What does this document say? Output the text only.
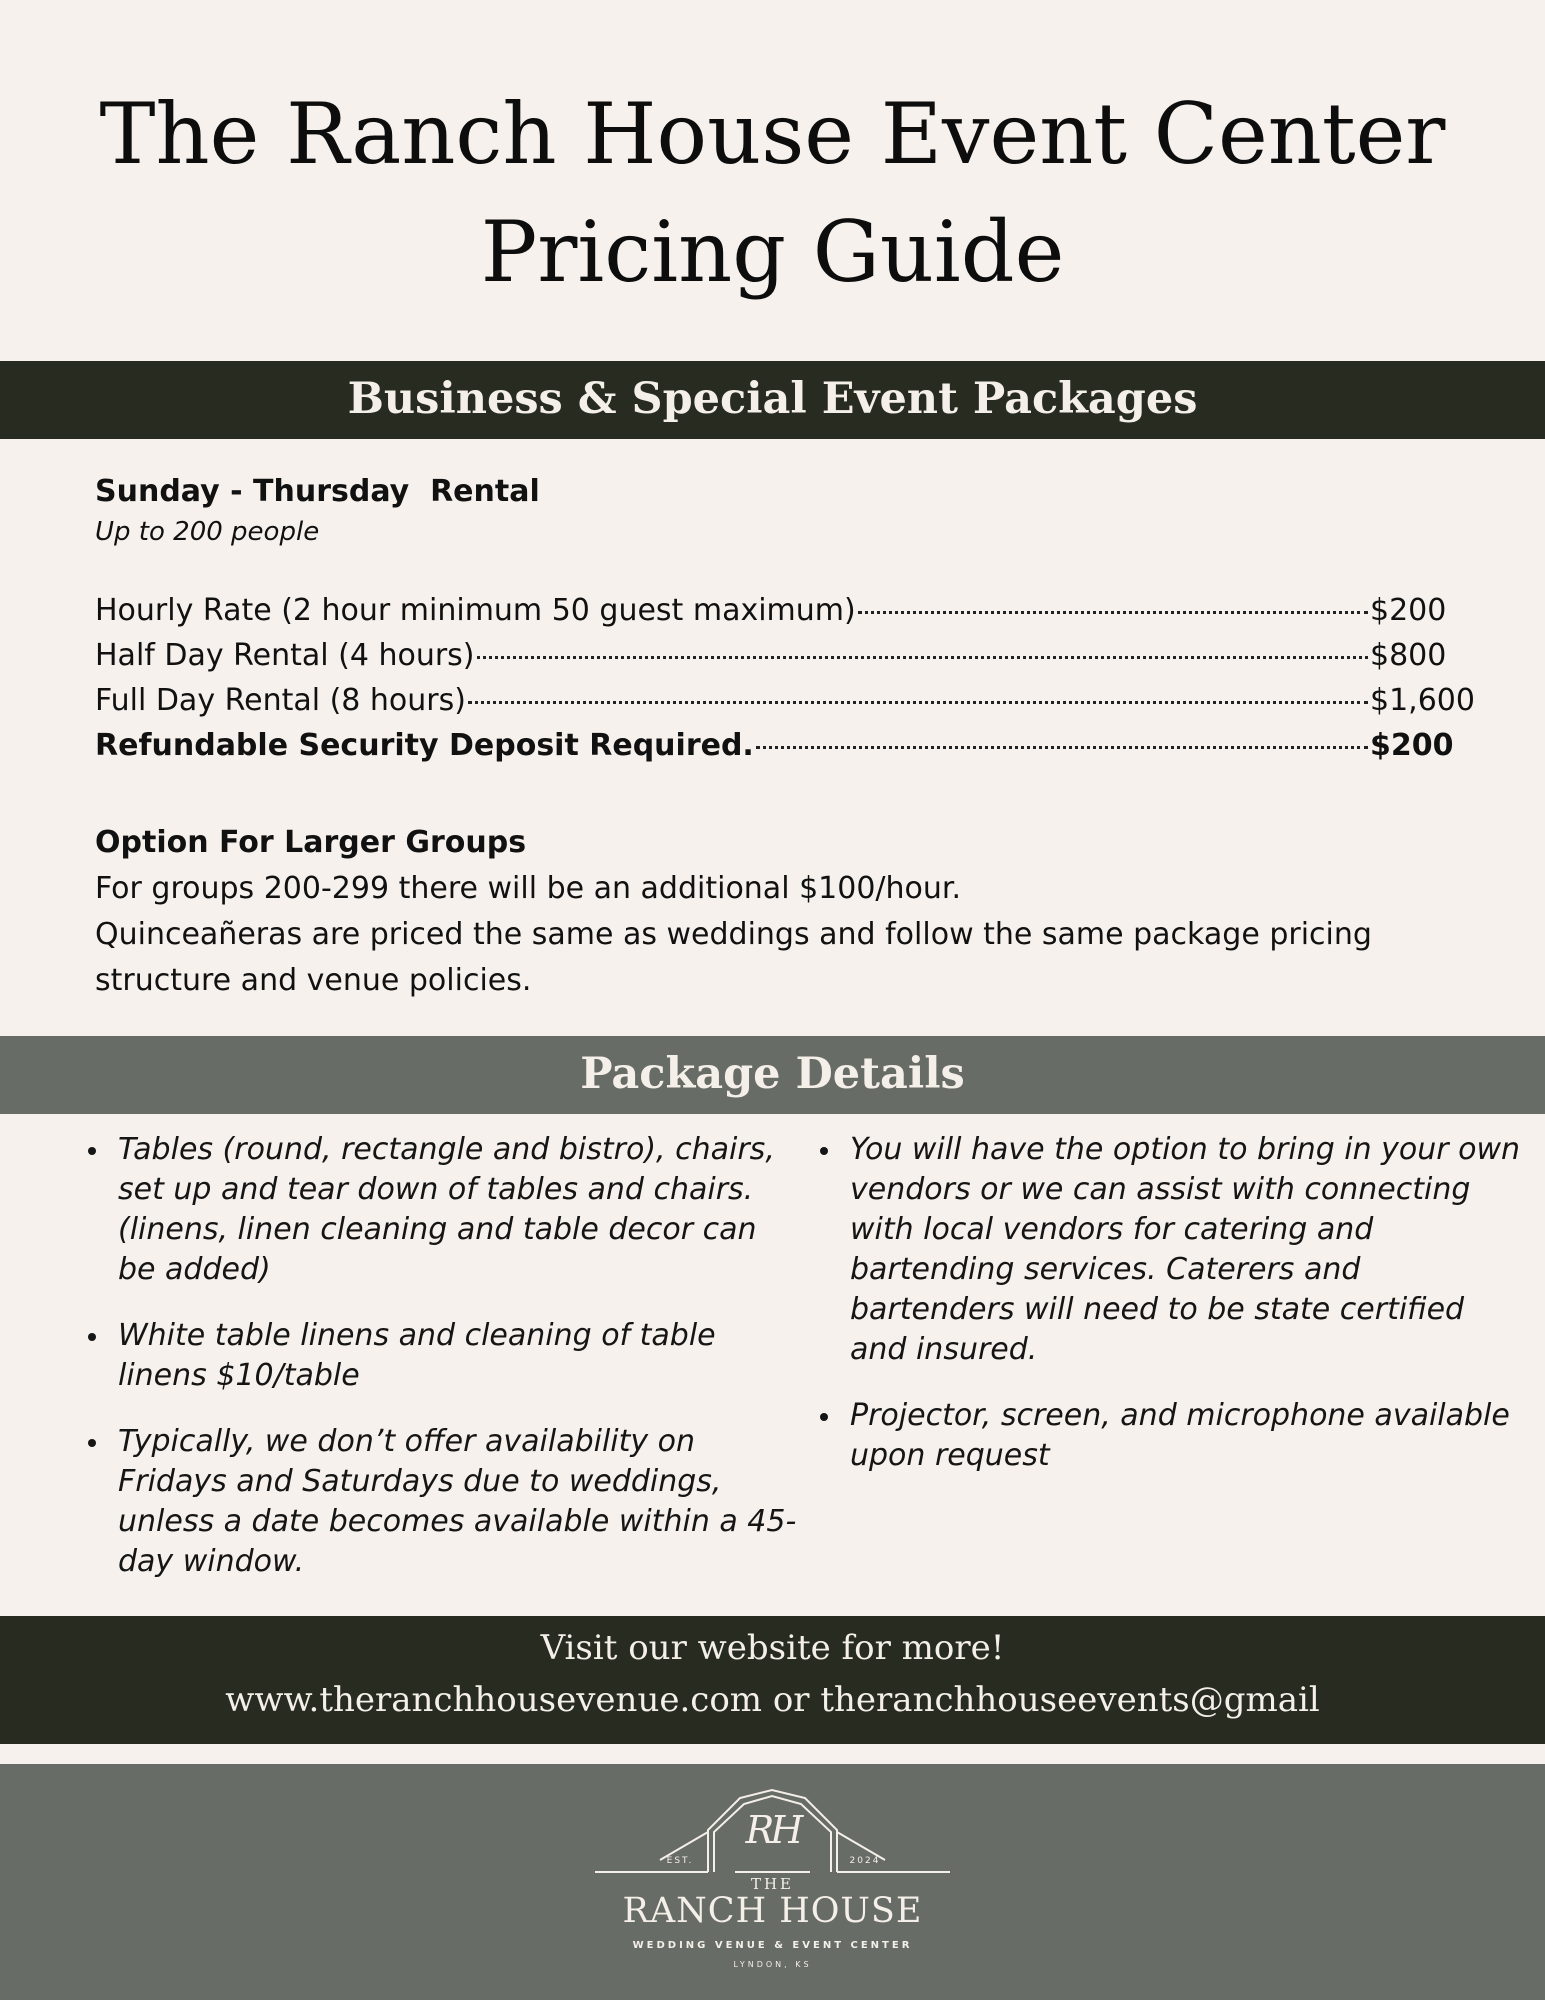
The Ranch House Event Center
Pricing Guide
Business & Special Event Packages
Sunday - Thursday  Rental
Up to 200 people
Hourly Rate (2 hour minimum 50 guest maximum)	$200
Half Day Rental (4 hours)	$800
Full Day Rental (8 hours)	$1,600
Refundable Security Deposit Required.	$200
Option For Larger Groups

For groups 200-299 there will be an additional $100/hour.

Quinceañeras are priced the same as weddings and follow the same package pricing structure and venue policies.

Package Details
Tables (round, rectangle and bistro), chairs, set up and tear down of tables and chairs. (linens, linen cleaning and table decor can be added)
White table linens and cleaning of table linens $10/table
Typically, we don’t offer availability on Fridays and Saturdays due to weddings, unless a date becomes available within a 45-day window.
You will have the option to bring in your own vendors or we can assist with connecting with local vendors for catering and bartending services. Caterers and bartenders will need to be state certified and insured.
Projector, screen, and microphone available upon request
Visit our website for more!
www.theranchhousevenue.com or theranchhouseevents@gmail
RH
EST.	2024
THE
RANCH HOUSE
WEDDING VENUE & EVENT CENTER
LYNDON, KS
